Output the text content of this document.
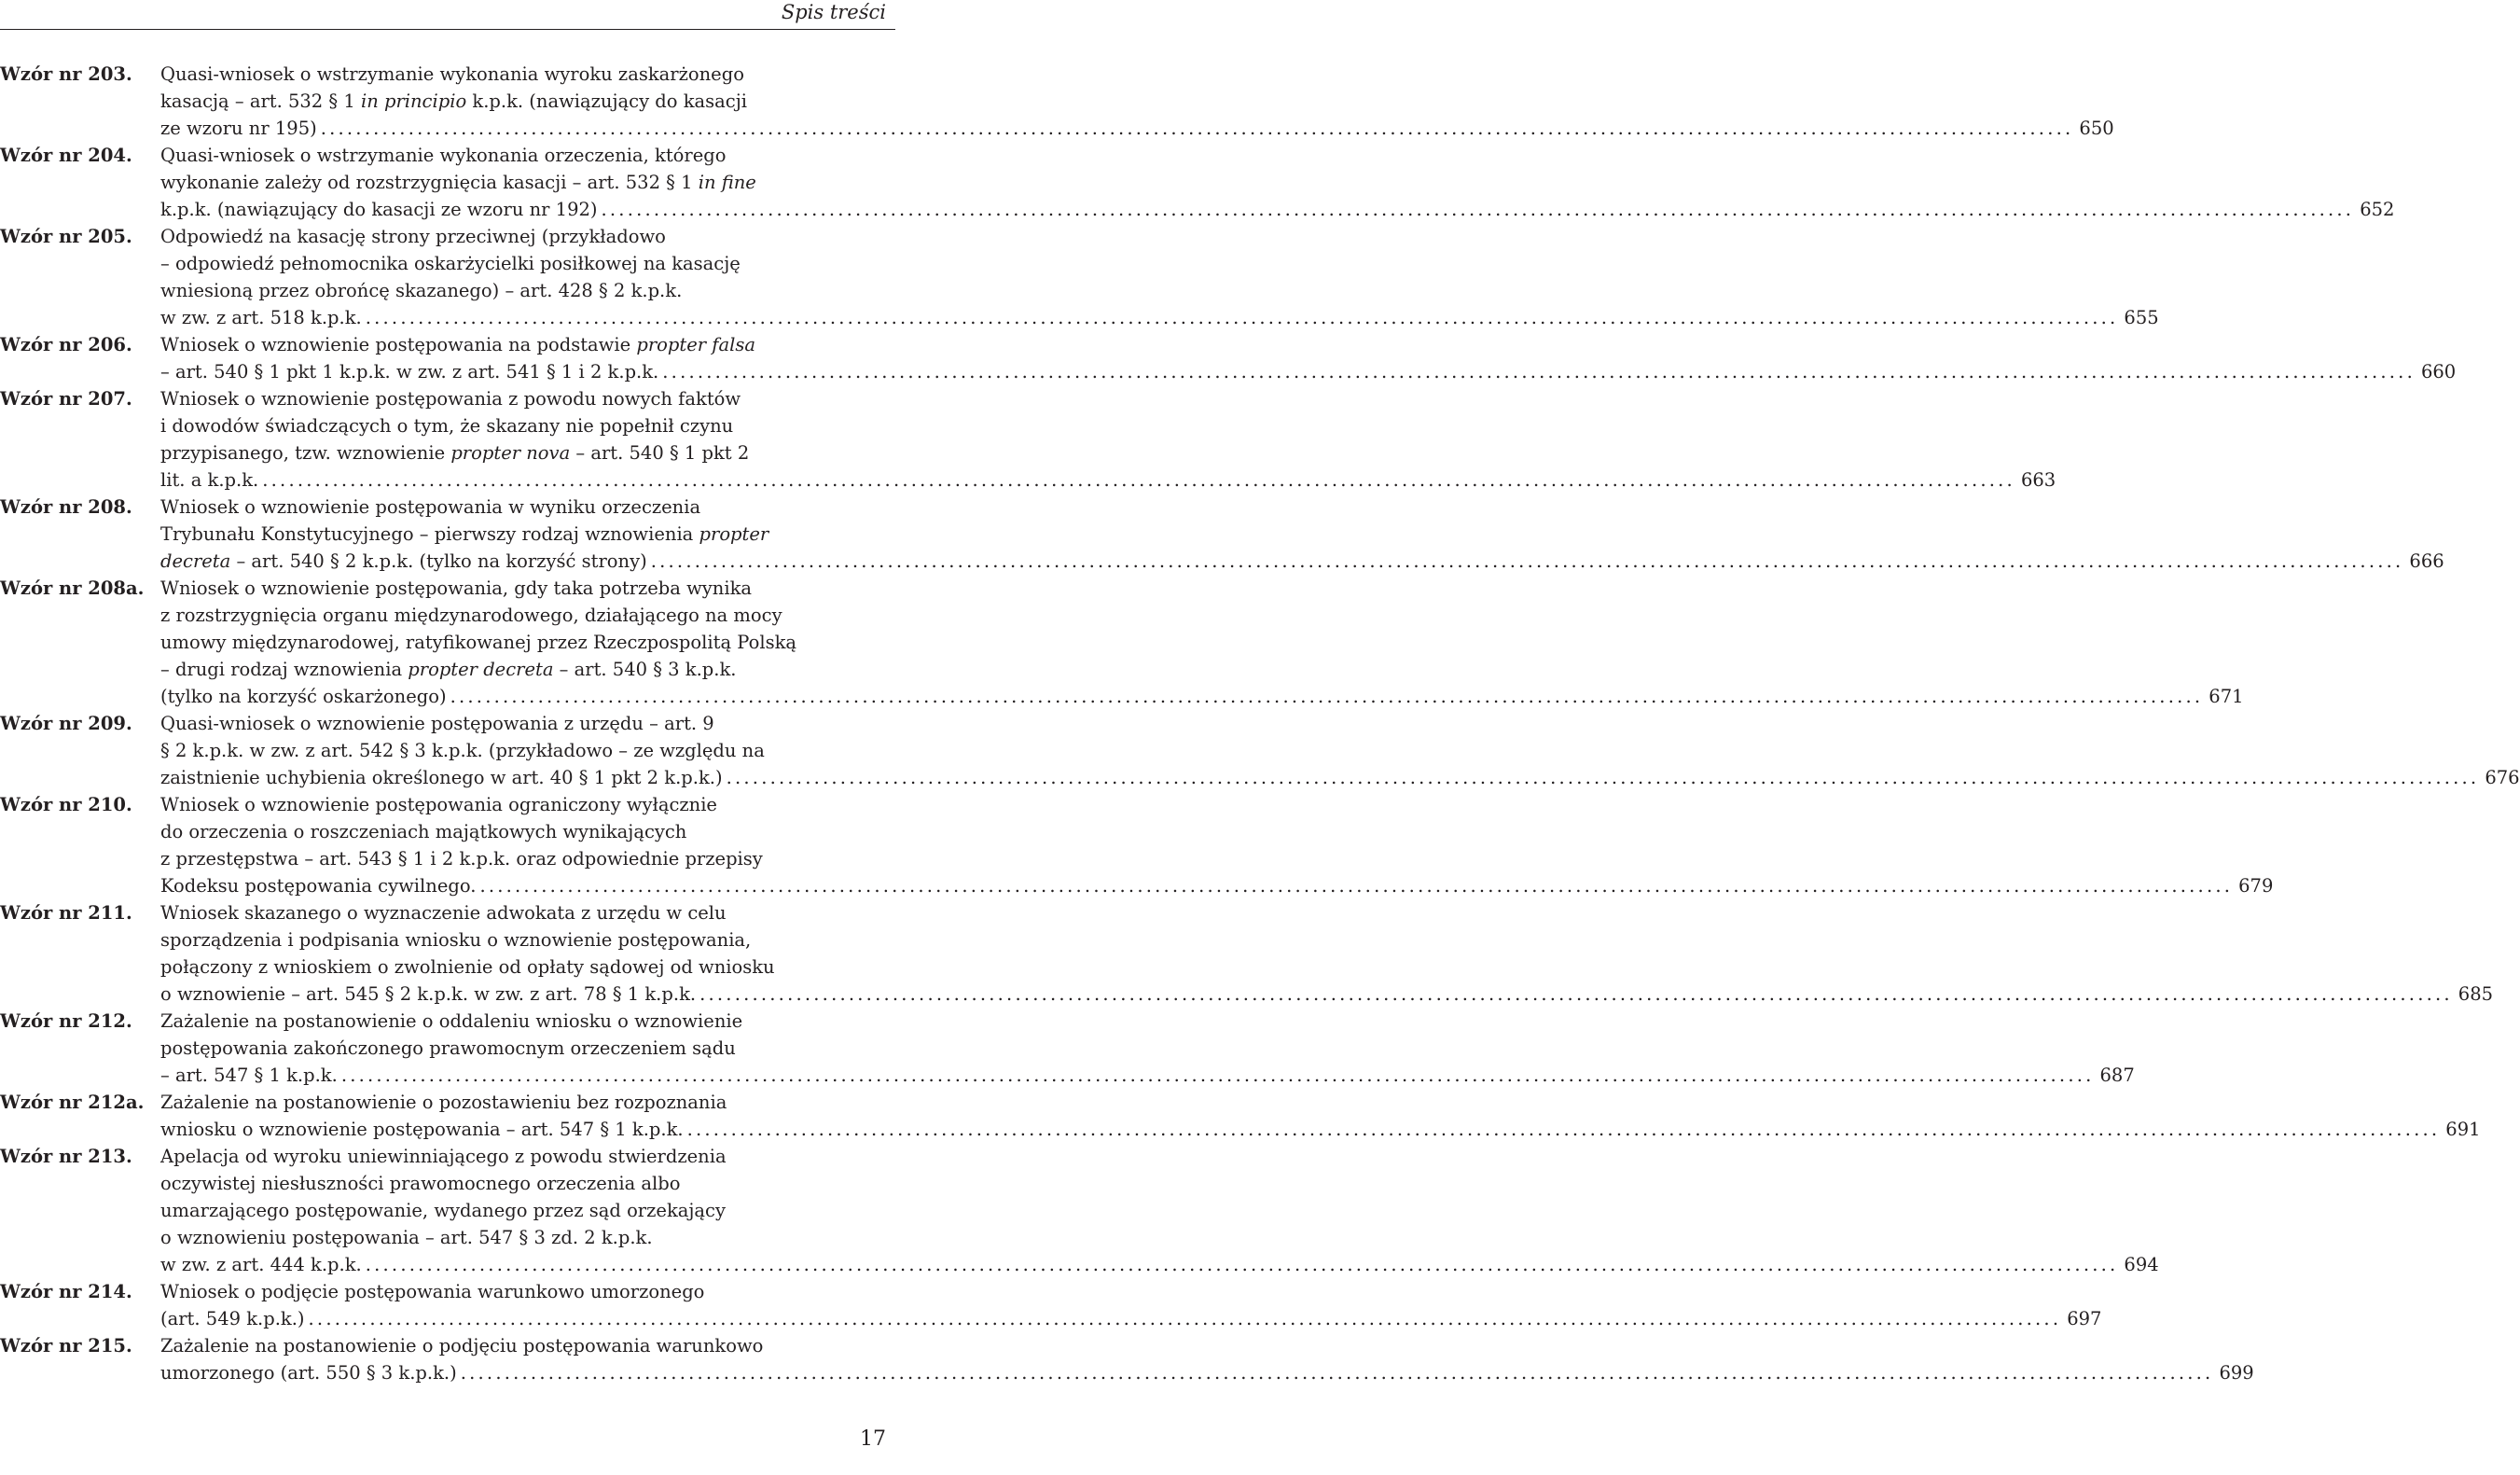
Spis treści
Wzór nr 203.	Quasi-wniosek o wstrzymanie wykonania wyroku zaskarżonego
kasacją – art. 532 § 1 in principio k.p.k. (nawiązujący do kasacji
ze wzoru nr 195) ........................................................................................................................................................................................................ 650
Wzór nr 204.	Quasi-wniosek o wstrzymanie wykonania orzeczenia, którego
wykonanie zależy od rozstrzygnięcia kasacji – art. 532 § 1 in fine
k.p.k. (nawiązujący do kasacji ze wzoru nr 192) ........................................................................................................................................................................................................ 652
Wzór nr 205.	Odpowiedź na kasację strony przeciwnej (przykładowo
– odpowiedź pełnomocnika oskarżycielki posiłkowej na kasację
wniesioną przez obrońcę skazanego) – art. 428 § 2 k.p.k.
w zw. z art. 518 k.p.k. ........................................................................................................................................................................................................ 655
Wzór nr 206.	Wniosek o wznowienie postępowania na podstawie propter falsa
– art. 540 § 1 pkt 1 k.p.k. w zw. z art. 541 § 1 i 2 k.p.k. ........................................................................................................................................................................................................ 660
Wzór nr 207.	Wniosek o wznowienie postępowania z powodu nowych faktów
i dowodów świadczących o tym, że skazany nie popełnił czynu
przypisanego, tzw. wznowienie propter nova – art. 540 § 1 pkt 2
lit. a k.p.k. ........................................................................................................................................................................................................ 663
Wzór nr 208.	Wniosek o wznowienie postępowania w wyniku orzeczenia
Trybunału Konstytucyjnego – pierwszy rodzaj wznowienia propter
decreta – art. 540 § 2 k.p.k. (tylko na korzyść strony) ........................................................................................................................................................................................................ 666
Wzór nr 208a. Wniosek o wznowienie postępowania, gdy taka potrzeba wynika
z rozstrzygnięcia organu międzynarodowego, działającego na mocy
umowy międzynarodowej, ratyfikowanej przez Rzeczpospolitą Polską
– drugi rodzaj wznowienia propter decreta – art. 540 § 3 k.p.k.
(tylko na korzyść oskarżonego) ........................................................................................................................................................................................................ 671
Wzór nr 209.	Quasi-wniosek o wznowienie postępowania z urzędu – art. 9
§ 2 k.p.k. w zw. z art. 542 § 3 k.p.k. (przykładowo – ze względu na
zaistnienie uchybienia określonego w art. 40 § 1 pkt 2 k.p.k.) ........................................................................................................................................................................................................ 676
Wzór nr 210.	Wniosek o wznowienie postępowania ograniczony wyłącznie
do orzeczenia o roszczeniach majątkowych wynikających
z przestępstwa – art. 543 § 1 i 2 k.p.k. oraz odpowiednie przepisy
Kodeksu postępowania cywilnego. ........................................................................................................................................................................................................ 679
Wzór nr 211.	Wniosek skazanego o wyznaczenie adwokata z urzędu w celu
sporządzenia i podpisania wniosku o wznowienie postępowania,
połączony z wnioskiem o zwolnienie od opłaty sądowej od wniosku
o wznowienie – art. 545 § 2 k.p.k. w zw. z art. 78 § 1 k.p.k. ........................................................................................................................................................................................................ 685
Wzór nr 212.	Zażalenie na postanowienie o oddaleniu wniosku o wznowienie
postępowania zakończonego prawomocnym orzeczeniem sądu
– art. 547 § 1 k.p.k. ........................................................................................................................................................................................................ 687
Wzór nr 212a. Zażalenie na postanowienie o pozostawieniu bez rozpoznania
wniosku o wznowienie postępowania – art. 547 § 1 k.p.k. ........................................................................................................................................................................................................ 691
Wzór nr 213.	Apelacja od wyroku uniewinniającego z powodu stwierdzenia
oczywistej niesłuszności prawomocnego orzeczenia albo
umarzającego postępowanie, wydanego przez sąd orzekający
o wznowieniu postępowania – art. 547 § 3 zd. 2 k.p.k.
w zw. z art. 444 k.p.k. ........................................................................................................................................................................................................ 694
Wzór nr 214.	Wniosek o podjęcie postępowania warunkowo umorzonego
(art. 549 k.p.k.) ........................................................................................................................................................................................................ 697
Wzór nr 215.	Zażalenie na postanowienie o podjęciu postępowania warunkowo
umorzonego (art. 550 § 3 k.p.k.) ........................................................................................................................................................................................................ 699
17
